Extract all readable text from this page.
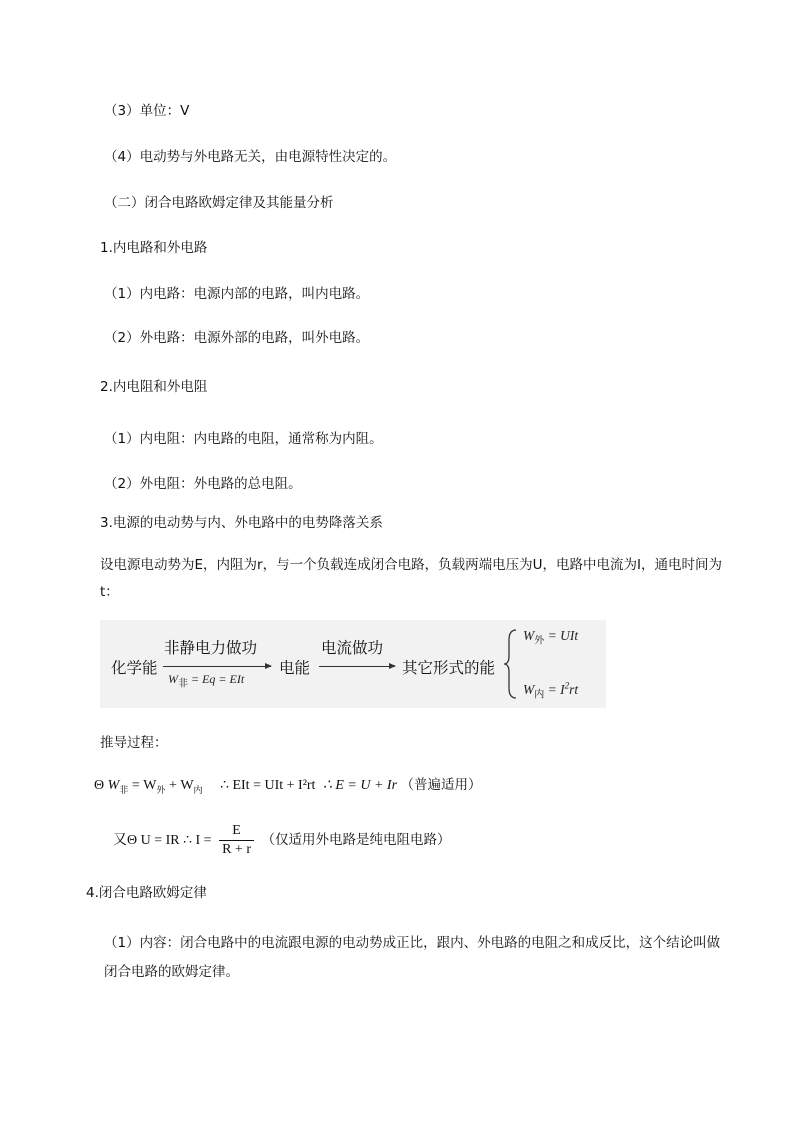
（3）单位：V
（4）电动势与外电路无关，由电源特性决定的。
（二）闭合电路欧姆定律及其能量分析
1.内电路和外电路
（1）内电路：电源内部的电路，叫内电路。
（2）外电路：电源外部的电路，叫外电路。
2.内电阻和外电阻
（1）内电阻：内电路的电阻，通常称为内阻。
（2）外电阻：外电路的总电阻。
3.电源的电动势与内、外电路中的电势降落关系
设电源电动势为E，内阻为r，与一个负载连成闭合电路，负载两端电压为U，电路中电流为I，通电时间为t：
化学能
非静电力做功
$W_非 = Eq$ = EIt
电能
电流做功
其它形式的能
$W_外$ = UIt
$W_内 = I^2rt$
推导过程：
Θ $W_非 = W_外 + W_内$ ∴ EIt = UIt + I²rt ∴ E = U + Ir （普遍适用）
又Θ U = IR ∴ $I = \frac{E}{R + r}$ （仅适用外电路是纯电阻电路）
4.闭合电路欧姆定律
（1）内容：闭合电路中的电流跟电源的电动势成正比，跟内、外电路的电阻之和成反比，这个结论叫做闭合电路的欧姆定律。
